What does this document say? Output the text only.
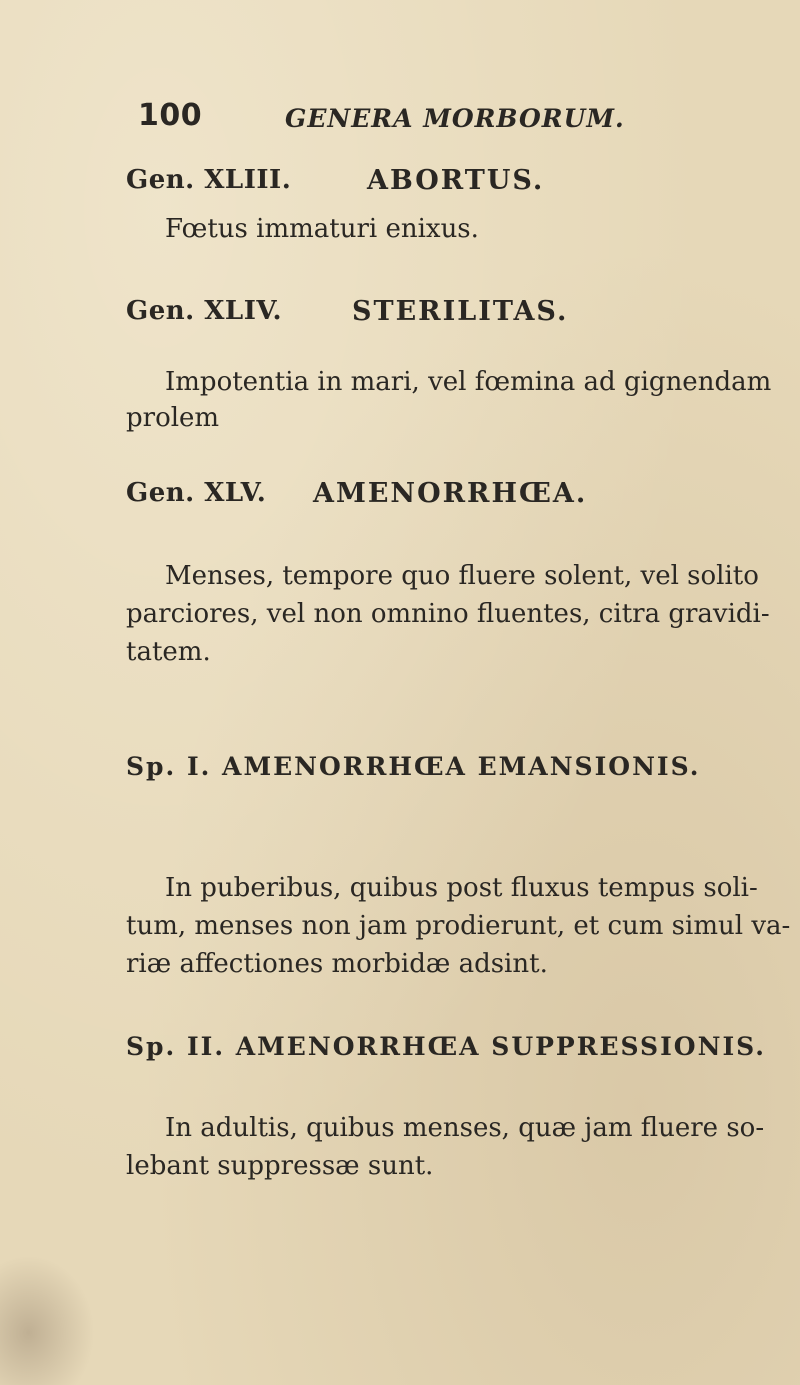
100	GENERA MORBORUM.
Gen. XLIII.	ABORTUS.
Fœtus immaturi enixus.
Gen. XLIV.	STERILITAS.
Impotentia in mari, vel fœmina ad gignendam
prolem
Gen. XLV. AMENORRHŒA.
Menses, tempore quo fluere solent, vel solito
parciores, vel non omnino fluentes, citra gravidi-
tatem.
Sp. I. AMENORRHŒA EMANSIONIS.
In puberibus, quibus post fluxus tempus soli-
tum, menses non jam prodierunt, et cum simul va-
riæ affectiones morbidæ adsint.
Sp. II. AMENORRHŒA SUPPRESSIONIS.
In adultis, quibus menses, quæ jam fluere so-
lebant suppressæ sunt.
